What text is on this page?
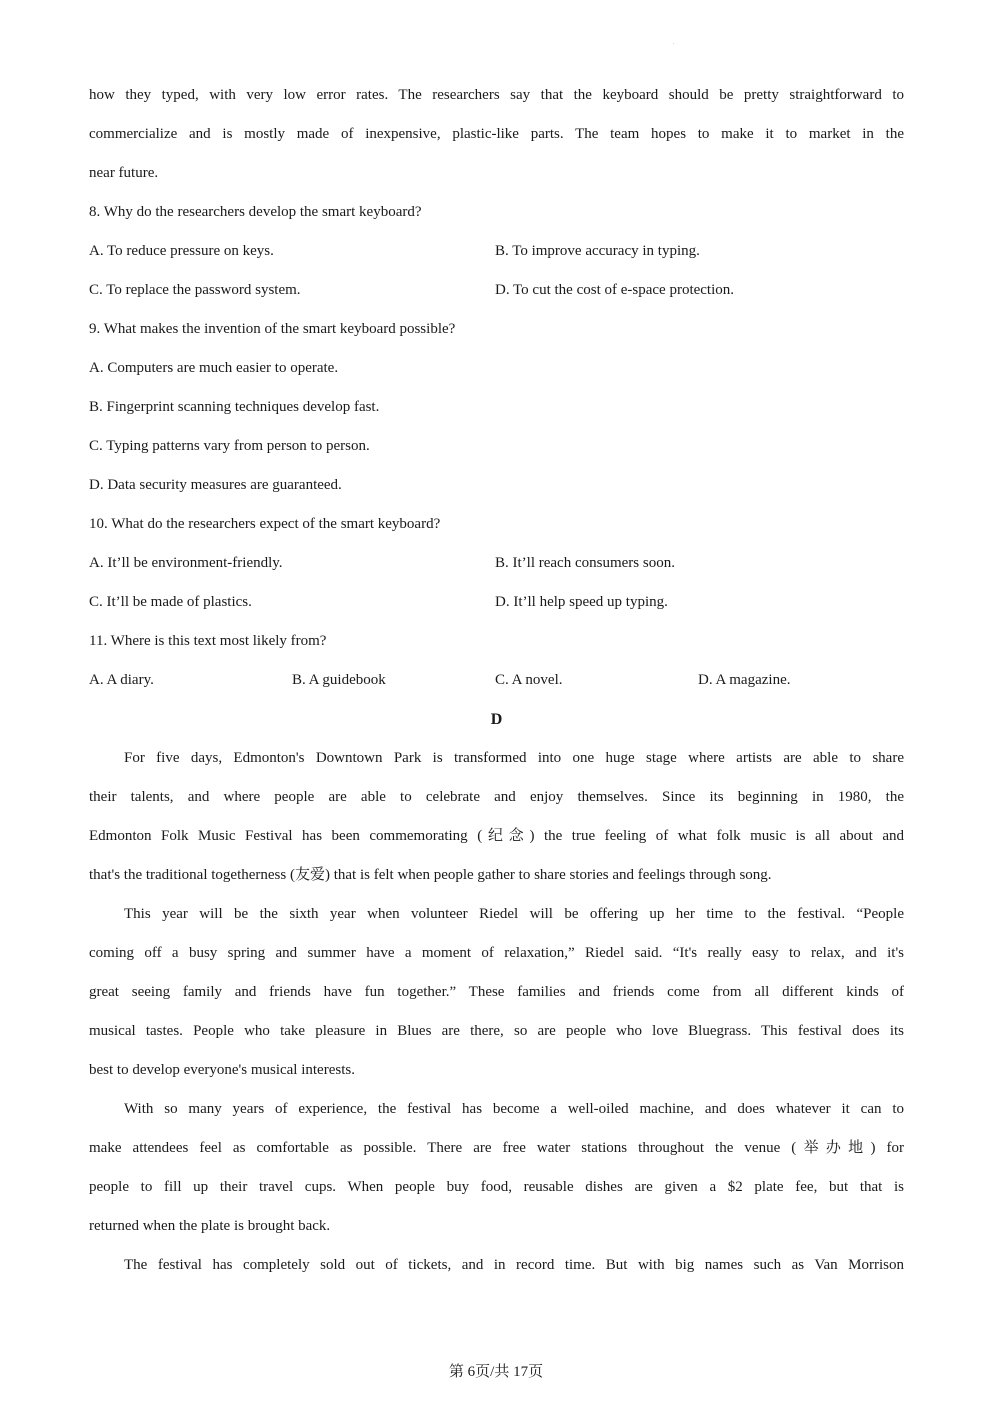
.
how they typed, with very low error rates. The researchers say that the keyboard should be pretty straightforward to
commercialize and is mostly made of inexpensive, plastic-like parts. The team hopes to make it to market in the
near future.
8. Why do the researchers develop the smart keyboard?
A. To reduce pressure on keys.	B. To improve accuracy in typing.
C. To replace the password system.	D. To cut the cost of e-space protection.
9. What makes the invention of the smart keyboard possible?
A. Computers are much easier to operate.
B. Fingerprint scanning techniques develop fast.
C. Typing patterns vary from person to person.
D. Data security measures are guaranteed.
10. What do the researchers expect of the smart keyboard?
A. It’ll be environment-friendly.	B. It’ll reach consumers soon.
C. It’ll be made of plastics.	D. It’ll help speed up typing.
11. Where is this text most likely from?
A. A diary.	B. A guidebook	C. A novel.	D. A magazine.
D
For five days, Edmonton's Downtown Park is transformed into one huge stage where artists are able to share
their talents, and where people are able to celebrate and enjoy themselves. Since its beginning in 1980, the
Edmonton Folk Music Festival has been commemorating (纪念) the true feeling of what folk music is all about and
that's the traditional togetherness (友爱) that is felt when people gather to share stories and feelings through song.
This year will be the sixth year when volunteer Riedel will be offering up her time to the festival. “People
coming off a busy spring and summer have a moment of relaxation,” Riedel said. “It's really easy to relax, and it's
great seeing family and friends have fun together.” These families and friends come from all different kinds of
musical tastes. People who take pleasure in Blues are there, so are people who love Bluegrass. This festival does its
best to develop everyone's musical interests.
With so many years of experience, the festival has become a well-oiled machine, and does whatever it can to
make attendees feel as comfortable as possible. There are free water stations throughout the venue (举办地) for
people to fill up their travel cups. When people buy food, reusable dishes are given a $2 plate fee, but that is
returned when the plate is brought back.
The festival has completely sold out of tickets, and in record time. But with big names such as Van Morrison
第 6页/共 17页
